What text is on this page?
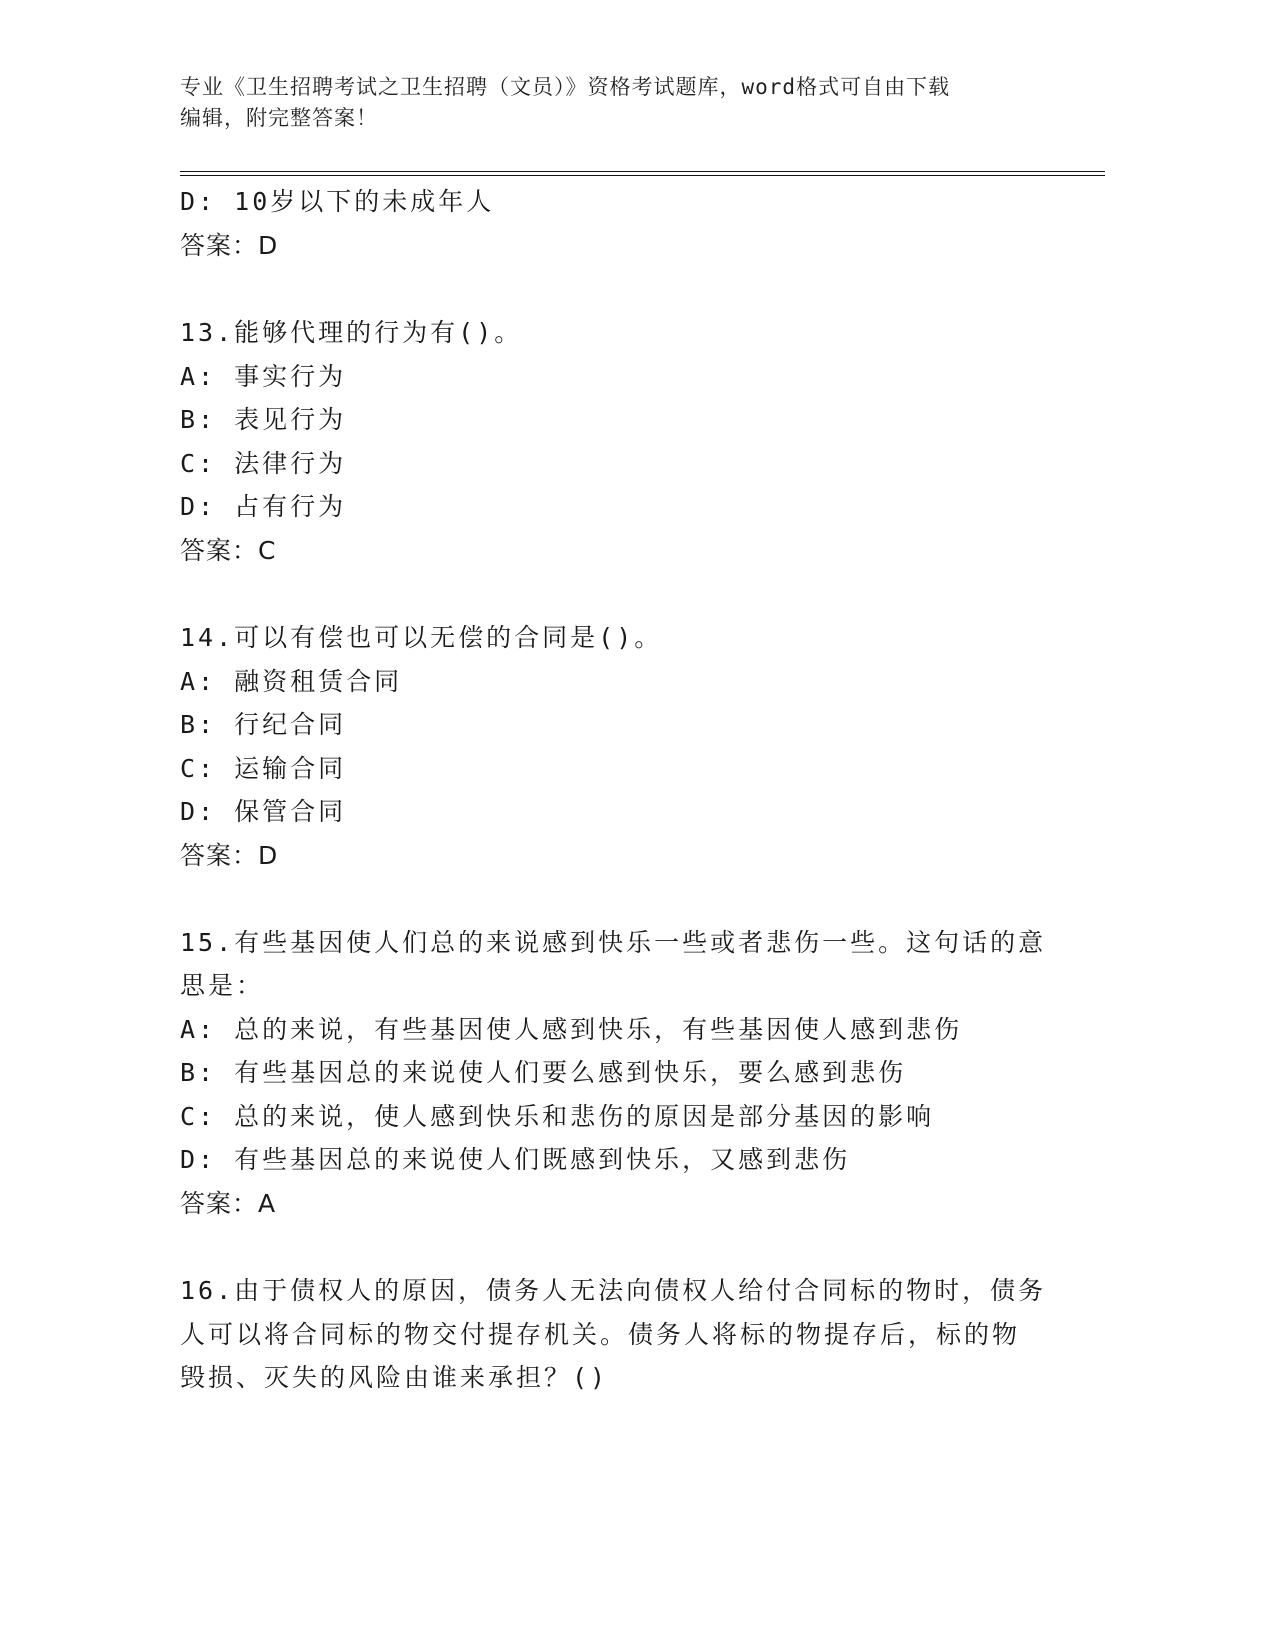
专业《卫生招聘考试之卫生招聘（文员）》资格考试题库，word格式可自由下载
编辑，附完整答案！
D: 10岁以下的未成年人
答案：D
13.能够代理的行为有()。
A: 事实行为
B: 表见行为
C: 法律行为
D: 占有行为
答案：C
14.可以有偿也可以无偿的合同是()。
A: 融资租赁合同
B: 行纪合同
C: 运输合同
D: 保管合同
答案：D
15.有些基因使人们总的来说感到快乐一些或者悲伤一些。这句话的意
思是：
A: 总的来说，有些基因使人感到快乐，有些基因使人感到悲伤
B: 有些基因总的来说使人们要么感到快乐，要么感到悲伤
C: 总的来说，使人感到快乐和悲伤的原因是部分基因的影响
D: 有些基因总的来说使人们既感到快乐，又感到悲伤
答案：A
16.由于债权人的原因，债务人无法向债权人给付合同标的物时，债务
人可以将合同标的物交付提存机关。债务人将标的物提存后，标的物
毁损、灭失的风险由谁来承担？()
